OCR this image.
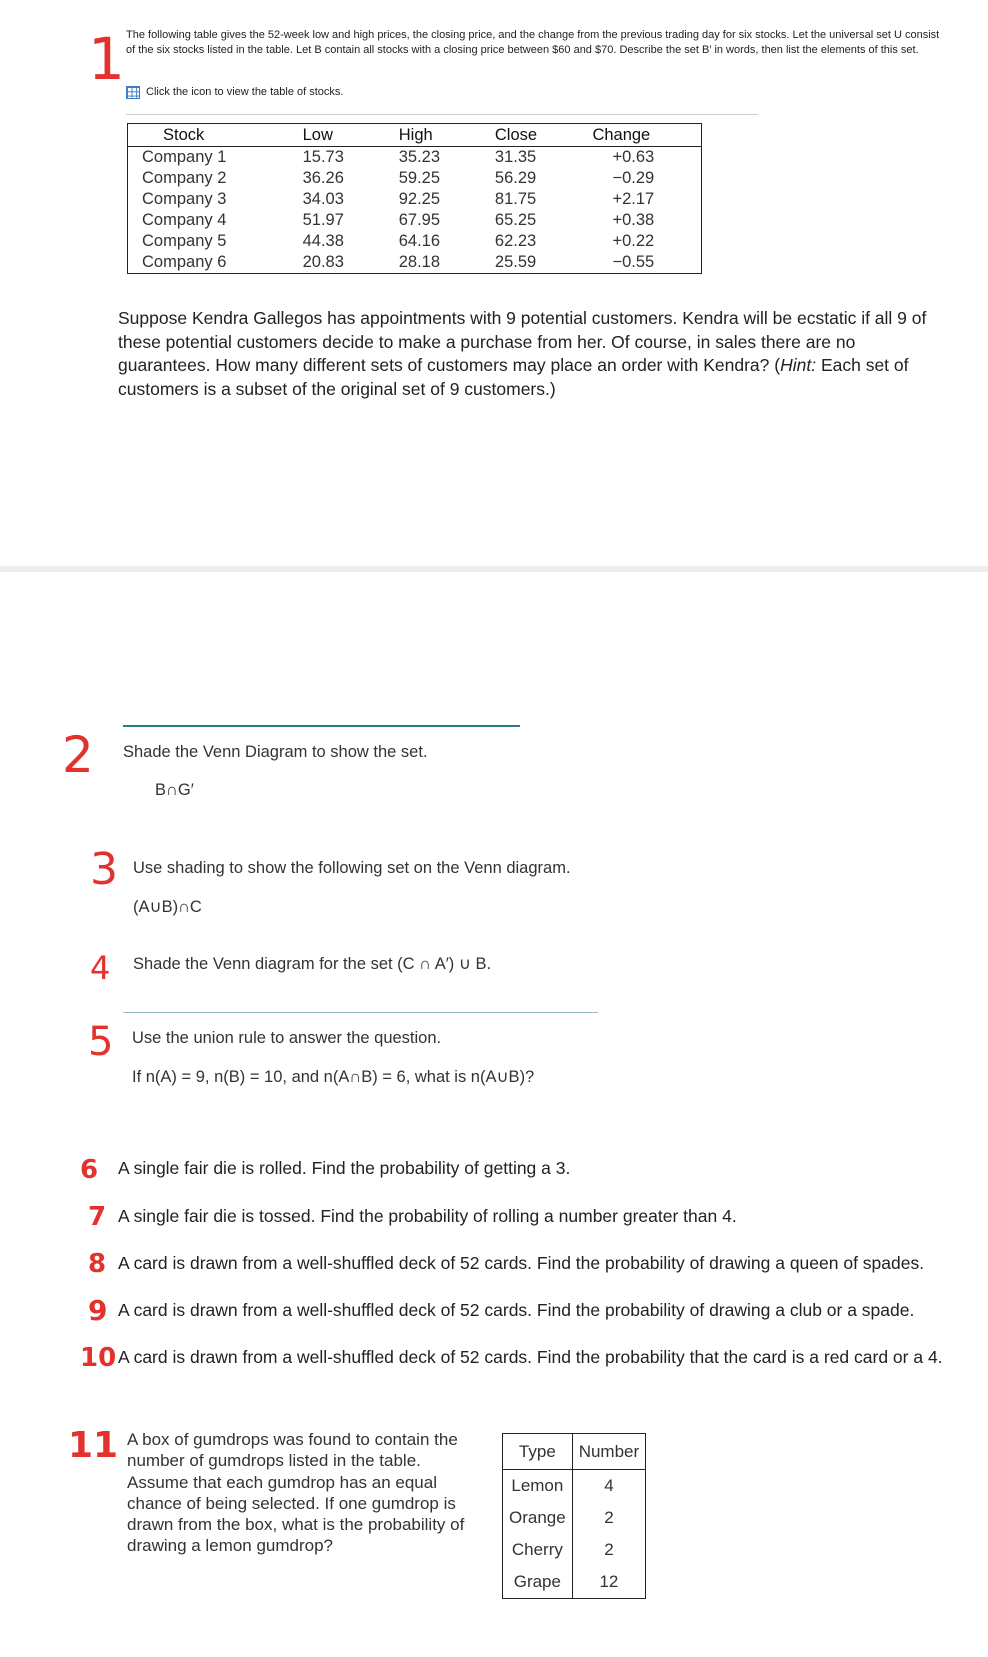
1 The following table gives the 52-week low and high prices, the closing price, and the change from the previous trading day for six stocks. Let the universal set U consist of the six stocks listed in the table. Let B contain all stocks with a closing price between $60 and $70. Describe the set B′ in words, then list the elements of this set.
Click the icon to view the table of stocks.
Stock	Low	High	Close	Change
Company 1	15.73	35.23	31.35	+0.63
Company 2	36.26	59.25	56.29	−0.29
Company 3	34.03	92.25	81.75	+2.17
Company 4	51.97	67.95	65.25	+0.38
Company 5	44.38	64.16	62.23	+0.22
Company 6	20.83	28.18	25.59	−0.55
Suppose Kendra Gallegos has appointments with 9 potential customers. Kendra will be ecstatic if all 9 of these potential customers decide to make a purchase from her. Of course, in sales there are no guarantees. How many different sets of customers may place an order with Kendra? (Hint: Each set of customers is a subset of the original set of 9 customers.)
2 Shade the Venn Diagram to show the set.
B∩G′
3 Use shading to show the following set on the Venn diagram.
(A∪B)∩C
4 Shade the Venn diagram for the set (C ∩ A′) ∪ B.
5 Use the union rule to answer the question.
If n(A) = 9, n(B) = 10, and n(A∩B) = 6, what is n(A∪B)?
6 A single fair die is rolled. Find the probability of getting a 3.
7 A single fair die is tossed. Find the probability of rolling a number greater than 4.
8 A card is drawn from a well-shuffled deck of 52 cards. Find the probability of drawing a queen of spades.
9 A card is drawn from a well-shuffled deck of 52 cards. Find the probability of drawing a club or a spade.
10 A card is drawn from a well-shuffled deck of 52 cards. Find the probability that the card is a red card or a 4.
11 A box of gumdrops was found to contain the number of gumdrops listed in the table. Assume that each gumdrop has an equal chance of being selected. If one gumdrop is drawn from the box, what is the probability of drawing a lemon gumdrop?
Type	Number
Lemon	4
Orange	2
Cherry	2
Grape	12
